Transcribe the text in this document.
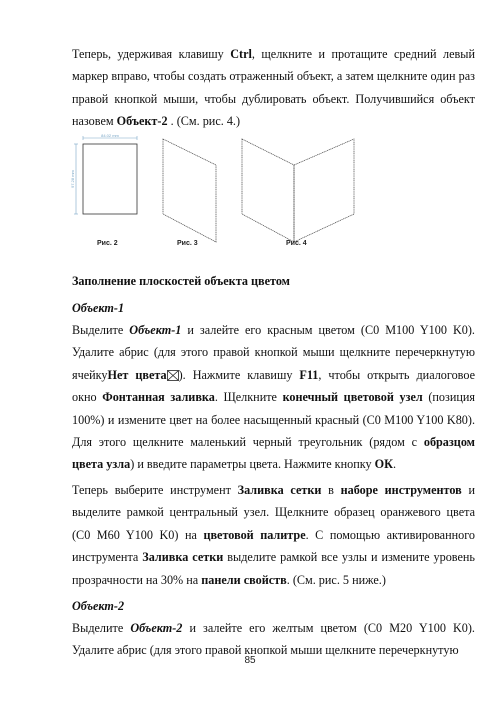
Теперь, удерживая клавишу Ctrl, щелкните и протащите средний левый маркер вправо, чтобы создать отраженный объект, а затем щелкните один раз правой кнопкой мыши, чтобы дублировать объект. Получившийся объект назовем Объект-2 . (См. рис. 4.)

84.02 mm
97.28 mm
Рис. 2	Рис. 3	Рис. 4
Заполнение плоскостей объекта цветом
Объект-1

Выделите Объект-1 и залейте его красным цветом (C0 M100 Y100 K0). Удалите абрис (для этого правой кнопкой мыши щелкните перечеркнутую ячейкуНет цвета☒). Нажмите клавишу F11, чтобы открыть диалоговое окно Фонтанная заливка. Щелкните конечный цветовой узел (позиция 100%) и измените цвет на более насыщенный красный (C0 M100 Y100 K80). Для этого щелкните маленький черный треугольник (рядом с образцом цвета узла) и введите параметры цвета. Нажмите кнопку ОК.

Теперь выберите инструмент Заливка сетки в наборе инструментов и выделите рамкой центральный узел. Щелкните образец оранжевого цвета (C0 M60 Y100 K0) на цветовой палитре. С помощью активированного инструмента Заливка сетки выделите рамкой все узлы и измените уровень прозрачности на 30% на панели свойств. (См. рис. 5 ниже.)

Объект-2

Выделите Объект-2 и залейте его желтым цветом (C0 M20 Y100 K0). Удалите абрис (для этого правой кнопкой мыши щелкните перечеркнутую

85
